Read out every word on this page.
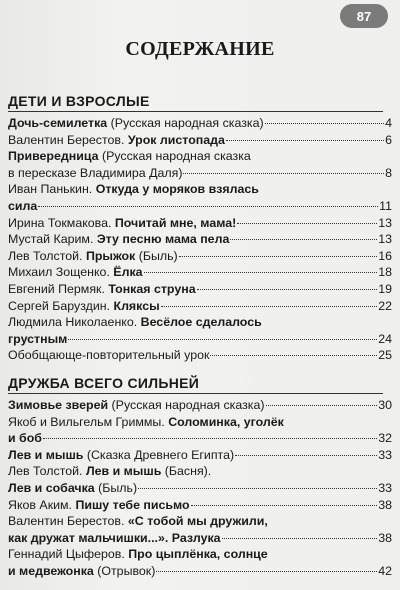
87
СОДЕРЖАНИЕ
ДЕТИ И ВЗРОСЛЫЕ
Дочь-семилетка (Русская народная сказка)	4
Валентин Берестов. Урок листопада	6
Привередница (Русская народная сказка
в пересказе Владимира Даля)	8
Иван Панькин. Откуда у моряков взялась
сила	11
Ирина Токмакова. Почитай мне, мама!	13
Мустай Карим. Эту песню мама пела	13
Лев Толстой. Прыжок (Быль)	16
Михаил Зощенко. Ёлка	18
Евгений Пермяк. Тонкая струна	19
Сергей Баруздин. Кляксы	22
Людмила Николаенко. Весёлое сделалось
грустным	24
Обобщающе-повторительный урок	25
ДРУЖБА ВСЕГО СИЛЬНЕЙ
Зимовье зверей (Русская народная сказка)	30
Якоб и Вильгельм Гриммы. Соломинка, уголёк
и боб	32
Лев и мышь (Сказка Древнего Египта)	33
Лев Толстой. Лев и мышь (Басня).
Лев и собачка (Быль)	33
Яков Аким. Пишу тебе письмо	38
Валентин Берестов. «С тобой мы дружили,
как дружат мальчишки...». Разлука	38
Геннадий Цыферов. Про цыплёнка, солнце
и медвежонка (Отрывок)	42
